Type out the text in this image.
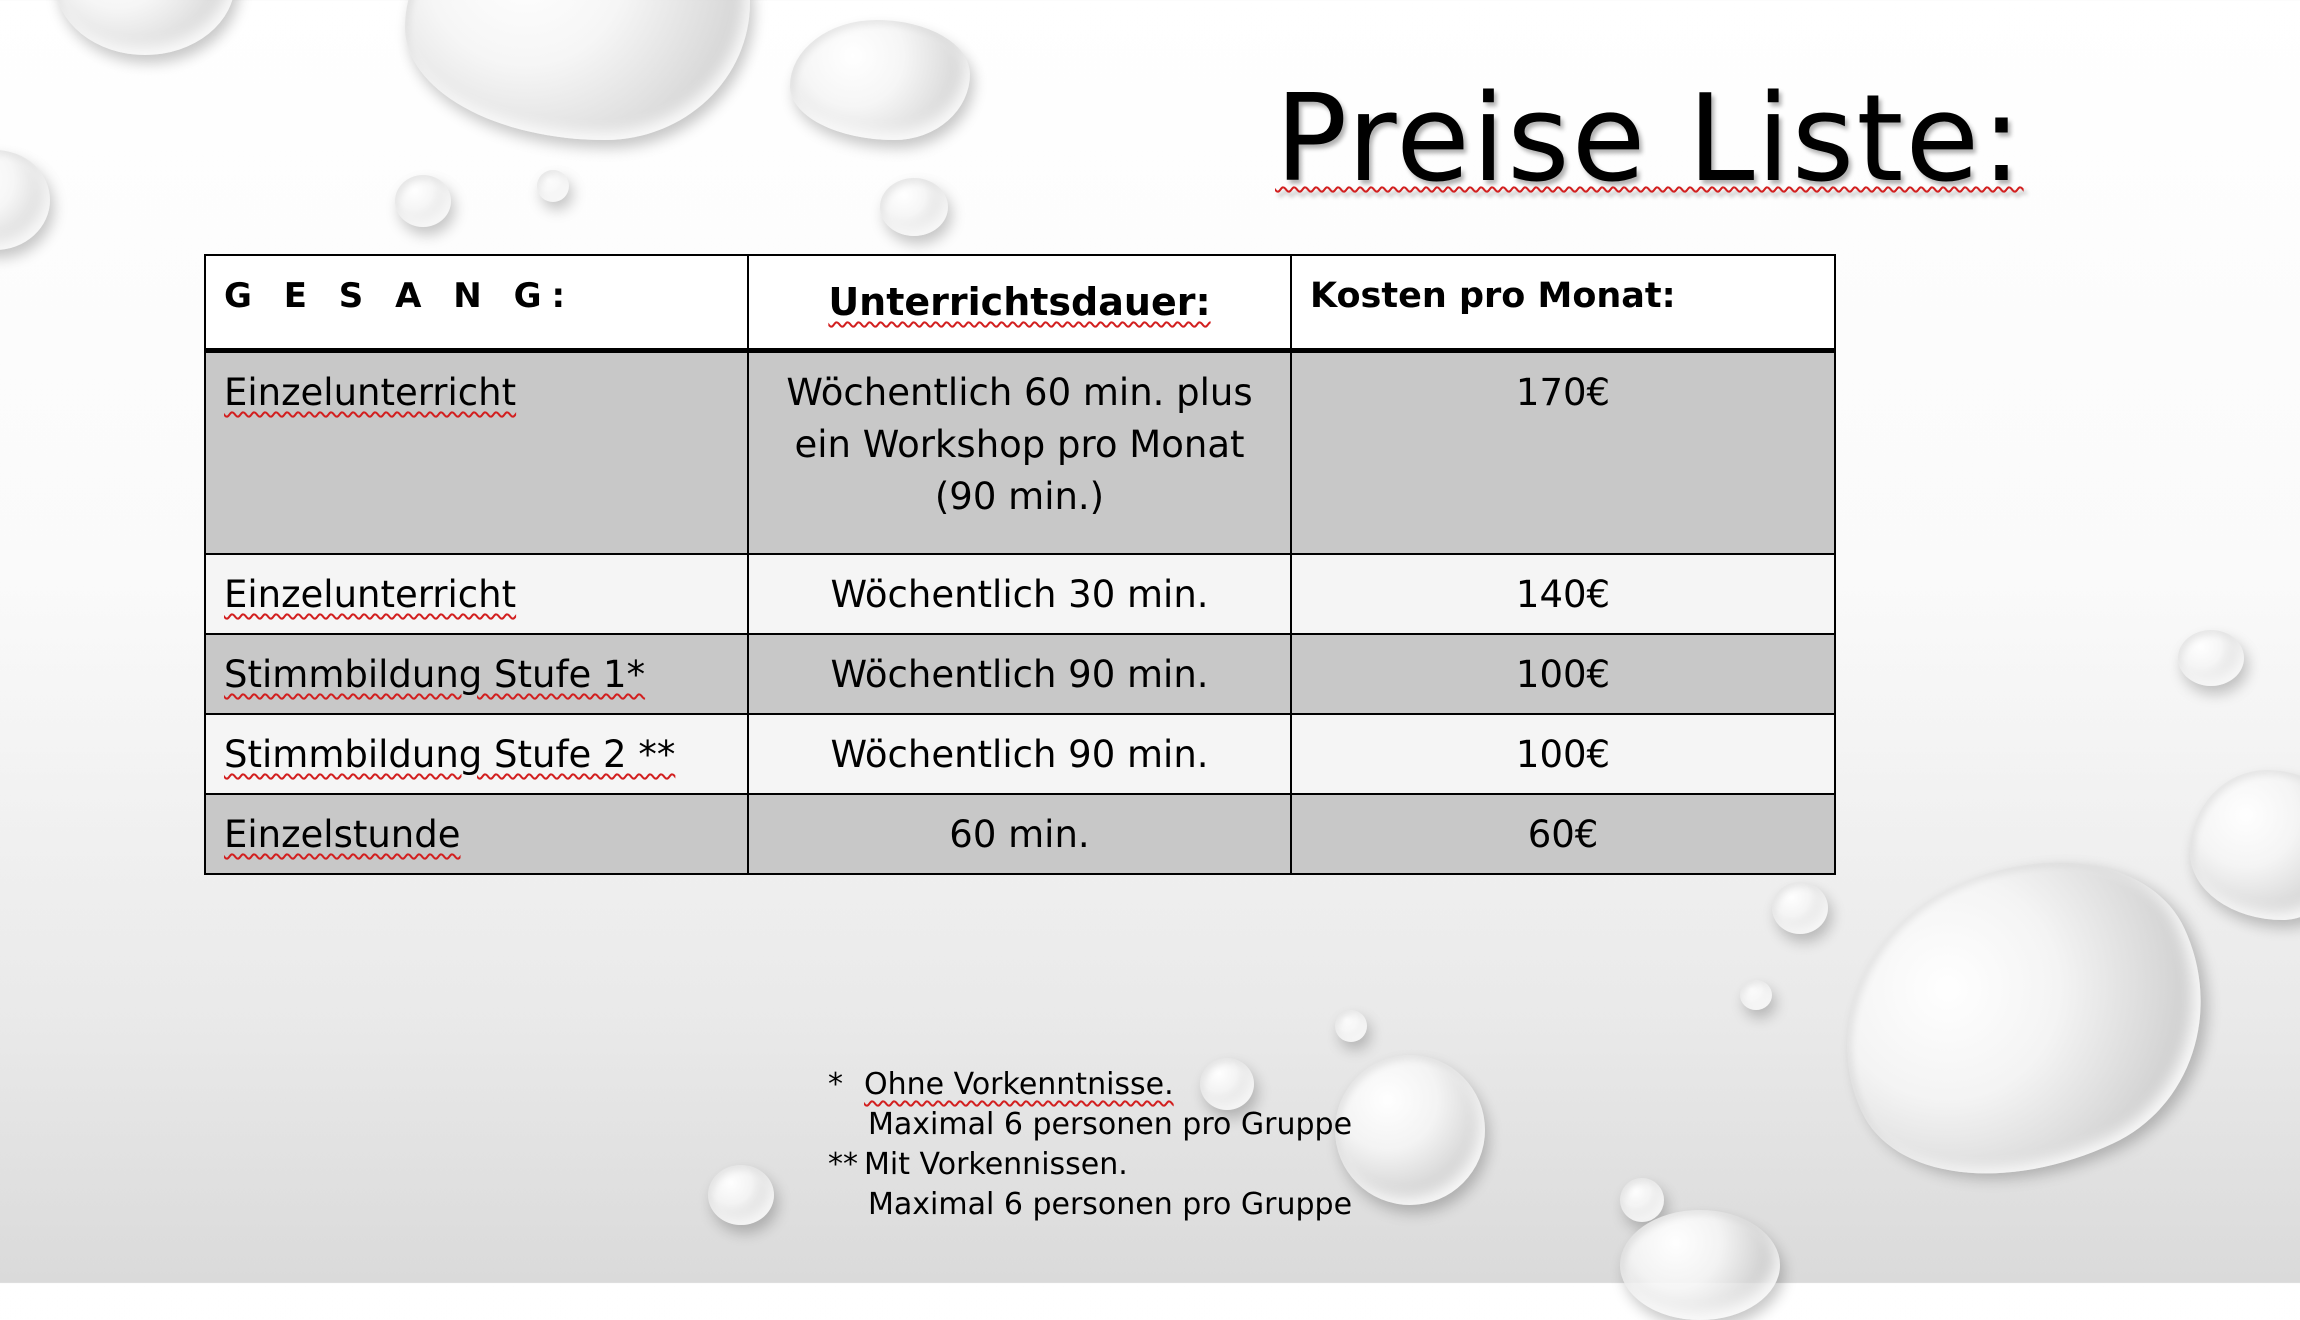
Preise Liste:
G E S A N G:	Unterrichtsdauer:	Kosten pro Monat:
Einzelunterricht	Wöchentlich 60 min. plus ein Workshop pro Monat (90 min.)	170€
Einzelunterricht	Wöchentlich 30 min.	140€
Stimmbildung Stufe 1*	Wöchentlich 90 min.	100€
Stimmbildung Stufe 2 **	Wöchentlich 90 min.	100€
Einzelstunde	60 min.	60€
* Ohne Vorkenntnisse.
Maximal 6 personen pro Gruppe
** Mit Vorkennissen.
Maximal 6 personen pro Gruppe
